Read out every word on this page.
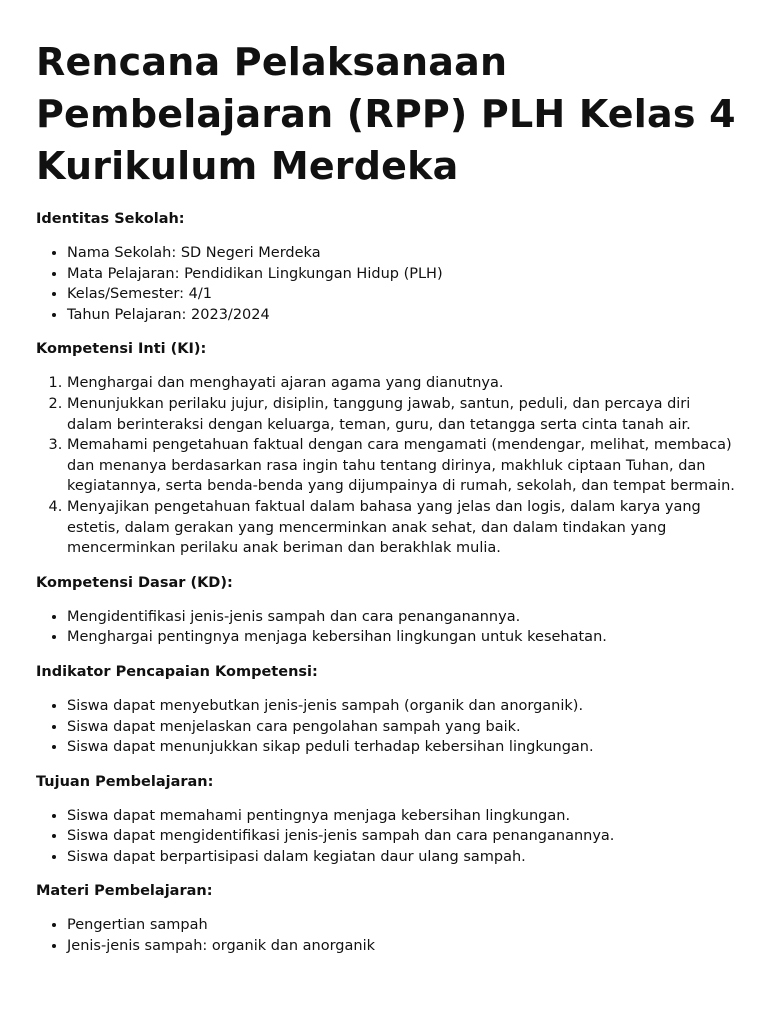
Rencana Pelaksanaan Pembelajaran (RPP) PLH Kelas 4 Kurikulum Merdeka
Identitas Sekolah:
• Nama Sekolah: SD Negeri Merdeka
• Mata Pelajaran: Pendidikan Lingkungan Hidup (PLH)
• Kelas/Semester: 4/1
• Tahun Pelajaran: 2023/2024
Kompetensi Inti (KI):
1. Menghargai dan menghayati ajaran agama yang dianutnya.
2. Menunjukkan perilaku jujur, disiplin, tanggung jawab, santun, peduli, dan percaya diri dalam berinteraksi dengan keluarga, teman, guru, dan tetangga serta cinta tanah air.
3. Memahami pengetahuan faktual dengan cara mengamati (mendengar, melihat, membaca) dan menanya berdasarkan rasa ingin tahu tentang dirinya, makhluk ciptaan Tuhan, dan kegiatannya, serta benda-benda yang dijumpainya di rumah, sekolah, dan tempat bermain.
4. Menyajikan pengetahuan faktual dalam bahasa yang jelas dan logis, dalam karya yang estetis, dalam gerakan yang mencerminkan anak sehat, dan dalam tindakan yang mencerminkan perilaku anak beriman dan berakhlak mulia.
Kompetensi Dasar (KD):
• Mengidentifikasi jenis-jenis sampah dan cara penanganannya.
• Menghargai pentingnya menjaga kebersihan lingkungan untuk kesehatan.
Indikator Pencapaian Kompetensi:
• Siswa dapat menyebutkan jenis-jenis sampah (organik dan anorganik).
• Siswa dapat menjelaskan cara pengolahan sampah yang baik.
• Siswa dapat menunjukkan sikap peduli terhadap kebersihan lingkungan.
Tujuan Pembelajaran:
• Siswa dapat memahami pentingnya menjaga kebersihan lingkungan.
• Siswa dapat mengidentifikasi jenis-jenis sampah dan cara penanganannya.
• Siswa dapat berpartisipasi dalam kegiatan daur ulang sampah.
Materi Pembelajaran:
• Pengertian sampah
• Jenis-jenis sampah: organik dan anorganik
